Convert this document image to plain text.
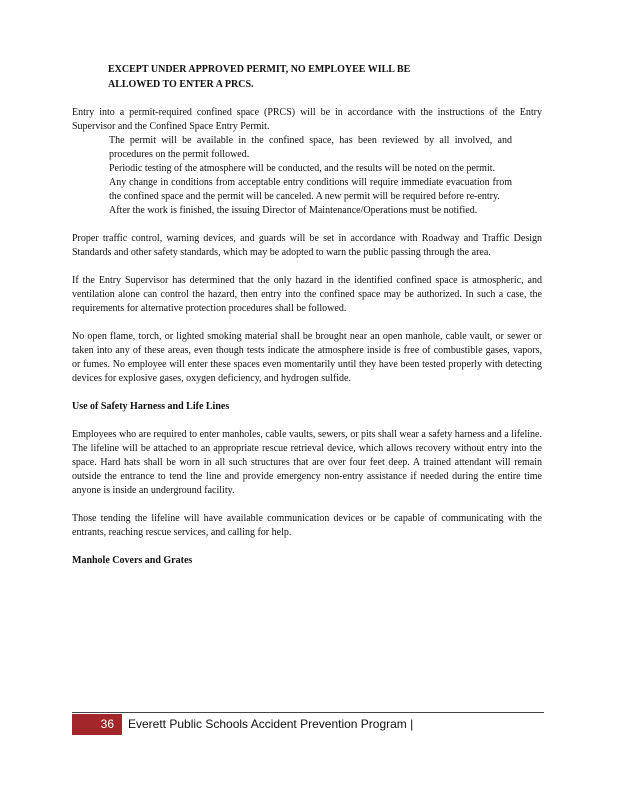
EXCEPT UNDER APPROVED PERMIT, NO EMPLOYEE WILL BE
ALLOWED TO ENTER A PRCS.

Entry into a permit-required confined space (PRCS) will be in accordance with the instructions of the Entry Supervisor and the Confined Space Entry Permit.

The permit will be available in the confined space, has been reviewed by all involved, and procedures on the permit followed.
Periodic testing of the atmosphere will be conducted, and the results will be noted on the permit.
Any change in conditions from acceptable entry conditions will require immediate evacuation from the confined space and the permit will be canceled. A new permit will be required before re-entry.
After the work is finished, the issuing Director of Maintenance/Operations must be notified.

Proper traffic control, warning devices, and guards will be set in accordance with Roadway and Traffic Design Standards and other safety standards, which may be adopted to warn the public passing through the area.

If the Entry Supervisor has determined that the only hazard in the identified confined space is atmospheric, and ventilation alone can control the hazard, then entry into the confined space may be authorized. In such a case, the requirements for alternative protection procedures shall be followed.

No open flame, torch, or lighted smoking material shall be brought near an open manhole, cable vault, or sewer or taken into any of these areas, even though tests indicate the atmosphere inside is free of combustible gases, vapors, or fumes. No employee will enter these spaces even momentarily until they have been tested properly with detecting devices for explosive gases, oxygen deficiency, and hydrogen sulfide.

Use of Safety Harness and Life Lines

Employees who are required to enter manholes, cable vaults, sewers, or pits shall wear a safety harness and a lifeline. The lifeline will be attached to an appropriate rescue retrieval device, which allows recovery without entry into the space. Hard hats shall be worn in all such structures that are over four feet deep. A trained attendant will remain outside the entrance to tend the line and provide emergency non-entry assistance if needed during the entire time anyone is inside an underground facility.

Those tending the lifeline will have available communication devices or be capable of communicating with the entrants, reaching rescue services, and calling for help.

Manhole Covers and Grates
36	Everett Public Schools Accident Prevention Program |
